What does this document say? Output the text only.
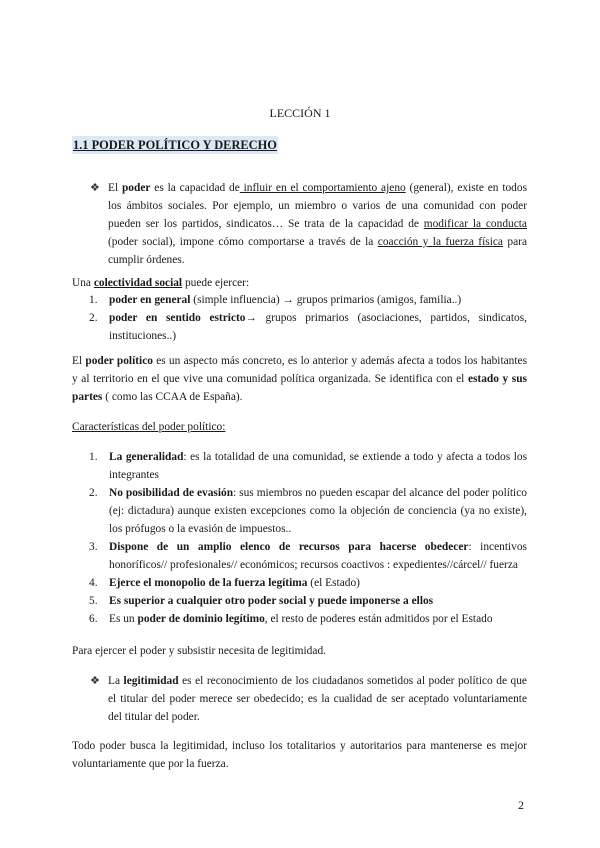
LECCIÓN 1
1.1 PODER POLÍTICO Y DERECHO
❖ El poder es la capacidad de influir en el comportamiento ajeno (general), existe en todos los ámbitos sociales. Por ejemplo, un miembro o varios de una comunidad con poder pueden ser los partidos, sindicatos… Se trata de la capacidad de modificar la conducta (poder social), impone cómo comportarse a través de la coacción y la fuerza física para cumplir órdenes.
Una colectividad social puede ejercer:
1. poder en general (simple influencia) → grupos primarios (amigos, familia..)
2. poder en sentido estricto→ grupos primarios (asociaciones, partidos, sindicatos, instituciones..)
El poder político es un aspecto más concreto, es lo anterior y además afecta a todos los habitantes y al territorio en el que vive una comunidad política organizada. Se identifica con el estado y sus partes ( como las CCAA de España).
Características del poder político:
1. La generalidad: es la totalidad de una comunidad, se extiende a todo y afecta a todos los integrantes
2. No posibilidad de evasión: sus miembros no pueden escapar del alcance del poder político (ej: dictadura) aunque existen excepciones como la objeción de conciencia (ya no existe), los prófugos o la evasión de impuestos..
3. Dispone de un amplio elenco de recursos para hacerse obedecer: incentivos honoríficos// profesionales// económicos; recursos coactivos : expedientes//cárcel// fuerza
4. Ejerce el monopolio de la fuerza legítima (el Estado)
5. Es superior a cualquier otro poder social y puede imponerse a ellos
6. Es un poder de dominio legítimo, el resto de poderes están admitidos por el Estado
Para ejercer el poder y subsistir necesita de legitimidad.
❖ La legitimidad es el reconocimiento de los ciudadanos sometidos al poder político de que el titular del poder merece ser obedecido; es la cualidad de ser aceptado voluntariamente del titular del poder.
Todo poder busca la legitimidad, incluso los totalitarios y autoritarios para mantenerse es mejor voluntariamente que por la fuerza.
2
